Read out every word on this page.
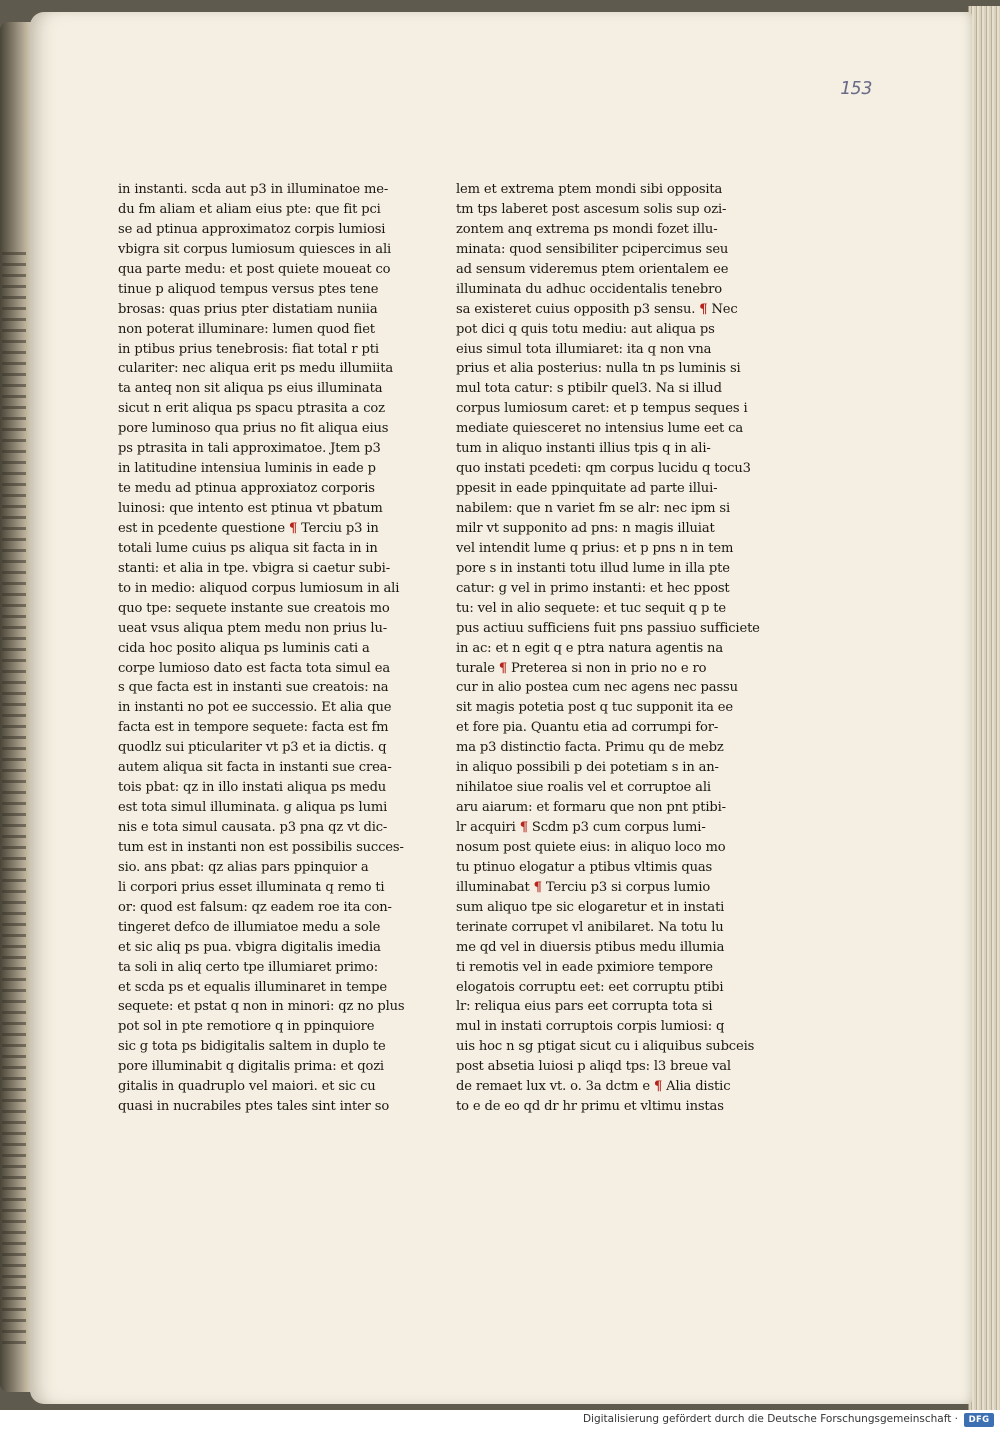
153
in instanti. scda aut p3 in illuminatoe me-
du fm aliam et aliam eius pte: que fit pci
se ad ptinua approximatoz corpis lumiosi
vbigra sit corpus lumiosum quiesces in ali
qua parte medu: et post quiete moueat co
tinue p aliquod tempus versus ptes tene
brosas: quas prius pter distatiam nuniia
non poterat illuminare: lumen quod fiet
in ptibus prius tenebrosis: fiat total r pti
culariter: nec aliqua erit ps medu illumiita
ta anteq non sit aliqua ps eius illuminata
sicut n erit aliqua ps spacu ptrasita a coz
pore luminoso qua prius no fit aliqua eius
ps ptrasita in tali approximatoe. Jtem p3
in latitudine intensiua luminis in eade p
te medu ad ptinua approxiatoz corporis
luinosi: que intento est ptinua vt pbatum
est in pcedente questione ¶ Terciu p3 in
totali lume cuius ps aliqua sit facta in in
stanti: et alia in tpe. vbigra si caetur subi-
to in medio: aliquod corpus lumiosum in ali
quo tpe: sequete instante sue creatois mo
ueat vsus aliqua ptem medu non prius lu-
cida hoc posito aliqua ps luminis cati a
corpe lumioso dato est facta tota simul ea
s que facta est in instanti sue creatois: na
in instanti no pot ee successio. Et alia que
facta est in tempore sequete: facta est fm
quodlz sui pticulariter vt p3 et ia dictis. q
autem aliqua sit facta in instanti sue crea-
tois pbat: qz in illo instati aliqua ps medu
est tota simul illuminata. g aliqua ps lumi
nis e tota simul causata. p3 pna qz vt dic-
tum est in instanti non est possibilis succes-
sio. ans pbat: qz alias pars ppinquior a
li corpori prius esset illuminata q remo ti
or: quod est falsum: qz eadem roe ita con-
tingeret defco de illumiatoe medu a sole
et sic aliq ps pua. vbigra digitalis imedia
ta soli in aliq certo tpe illumiaret primo:
et scda ps et equalis illuminaret in tempe
sequete: et pstat q non in minori: qz no plus
pot sol in pte remotiore q in ppinquiore
sic g tota ps bidigitalis saltem in duplo te
pore illuminabit q digitalis prima: et qozi
gitalis in quadruplo vel maiori. et sic cu
quasi in nucrabiles ptes tales sint inter so
lem et extrema ptem mondi sibi opposita
tm tps laberet post ascesum solis sup ozi-
zontem anq extrema ps mondi fozet illu-
minata: quod sensibiliter pcipercimus seu
ad sensum videremus ptem orientalem ee
illuminata du adhuc occidentalis tenebro
sa existeret cuius opposith p3 sensu. ¶ Nec
pot dici q quis totu mediu: aut aliqua ps
eius simul tota illumiaret: ita q non vna
prius et alia posterius: nulla tn ps luminis si
mul tota catur: s ptibilr quel3. Na si illud
corpus lumiosum caret: et p tempus seques i
mediate quiesceret no intensius lume eet ca
tum in aliquo instanti illius tpis q in ali-
quo instati pcedeti: qm corpus lucidu q tocu3
ppesit in eade ppinquitate ad parte illui-
nabilem: que n variet fm se alr: nec ipm si
milr vt supponito ad pns: n magis illuiat
vel intendit lume q prius: et p pns n in tem
pore s in instanti totu illud lume in illa pte
catur: g vel in primo instanti: et hec ppost
tu: vel in alio sequete: et tuc sequit q p te
pus actiuu sufficiens fuit pns passiuo sufficiete
in ac: et n egit q e ptra natura agentis na
turale ¶ Preterea si non in prio no e ro
cur in alio postea cum nec agens nec passu
sit magis potetia post q tuc supponit ita ee
et fore pia. Quantu etia ad corrumpi for-
ma p3 distinctio facta. Primu qu de mebz
in aliquo possibili p dei potetiam s in an-
nihilatoe siue roalis vel et corruptoe ali
aru aiarum: et formaru que non pnt ptibi-
lr acquiri ¶ Scdm p3 cum corpus lumi-
nosum post quiete eius: in aliquo loco mo
tu ptinuo elogatur a ptibus vltimis quas
illuminabat ¶ Terciu p3 si corpus lumio
sum aliquo tpe sic elogaretur et in instati
terinate corrupet vl anibilaret. Na totu lu
me qd vel in diuersis ptibus medu illumia
ti remotis vel in eade pximiore tempore
elogatois corruptu eet: eet corruptu ptibi
lr: reliqua eius pars eet corrupta tota si
mul in instati corruptois corpis lumiosi: q
uis hoc n sg ptigat sicut cu i aliquibus subceis
post absetia luiosi p aliqd tps: l3 breue val
de remaet lux vt. o. 3a dctm e ¶ Alia distic
to e de eo qd dr hr primu et vltimu instas
Digitalisierung gefördert durch die Deutsche Forschungsgemeinschaft ·	DFG
